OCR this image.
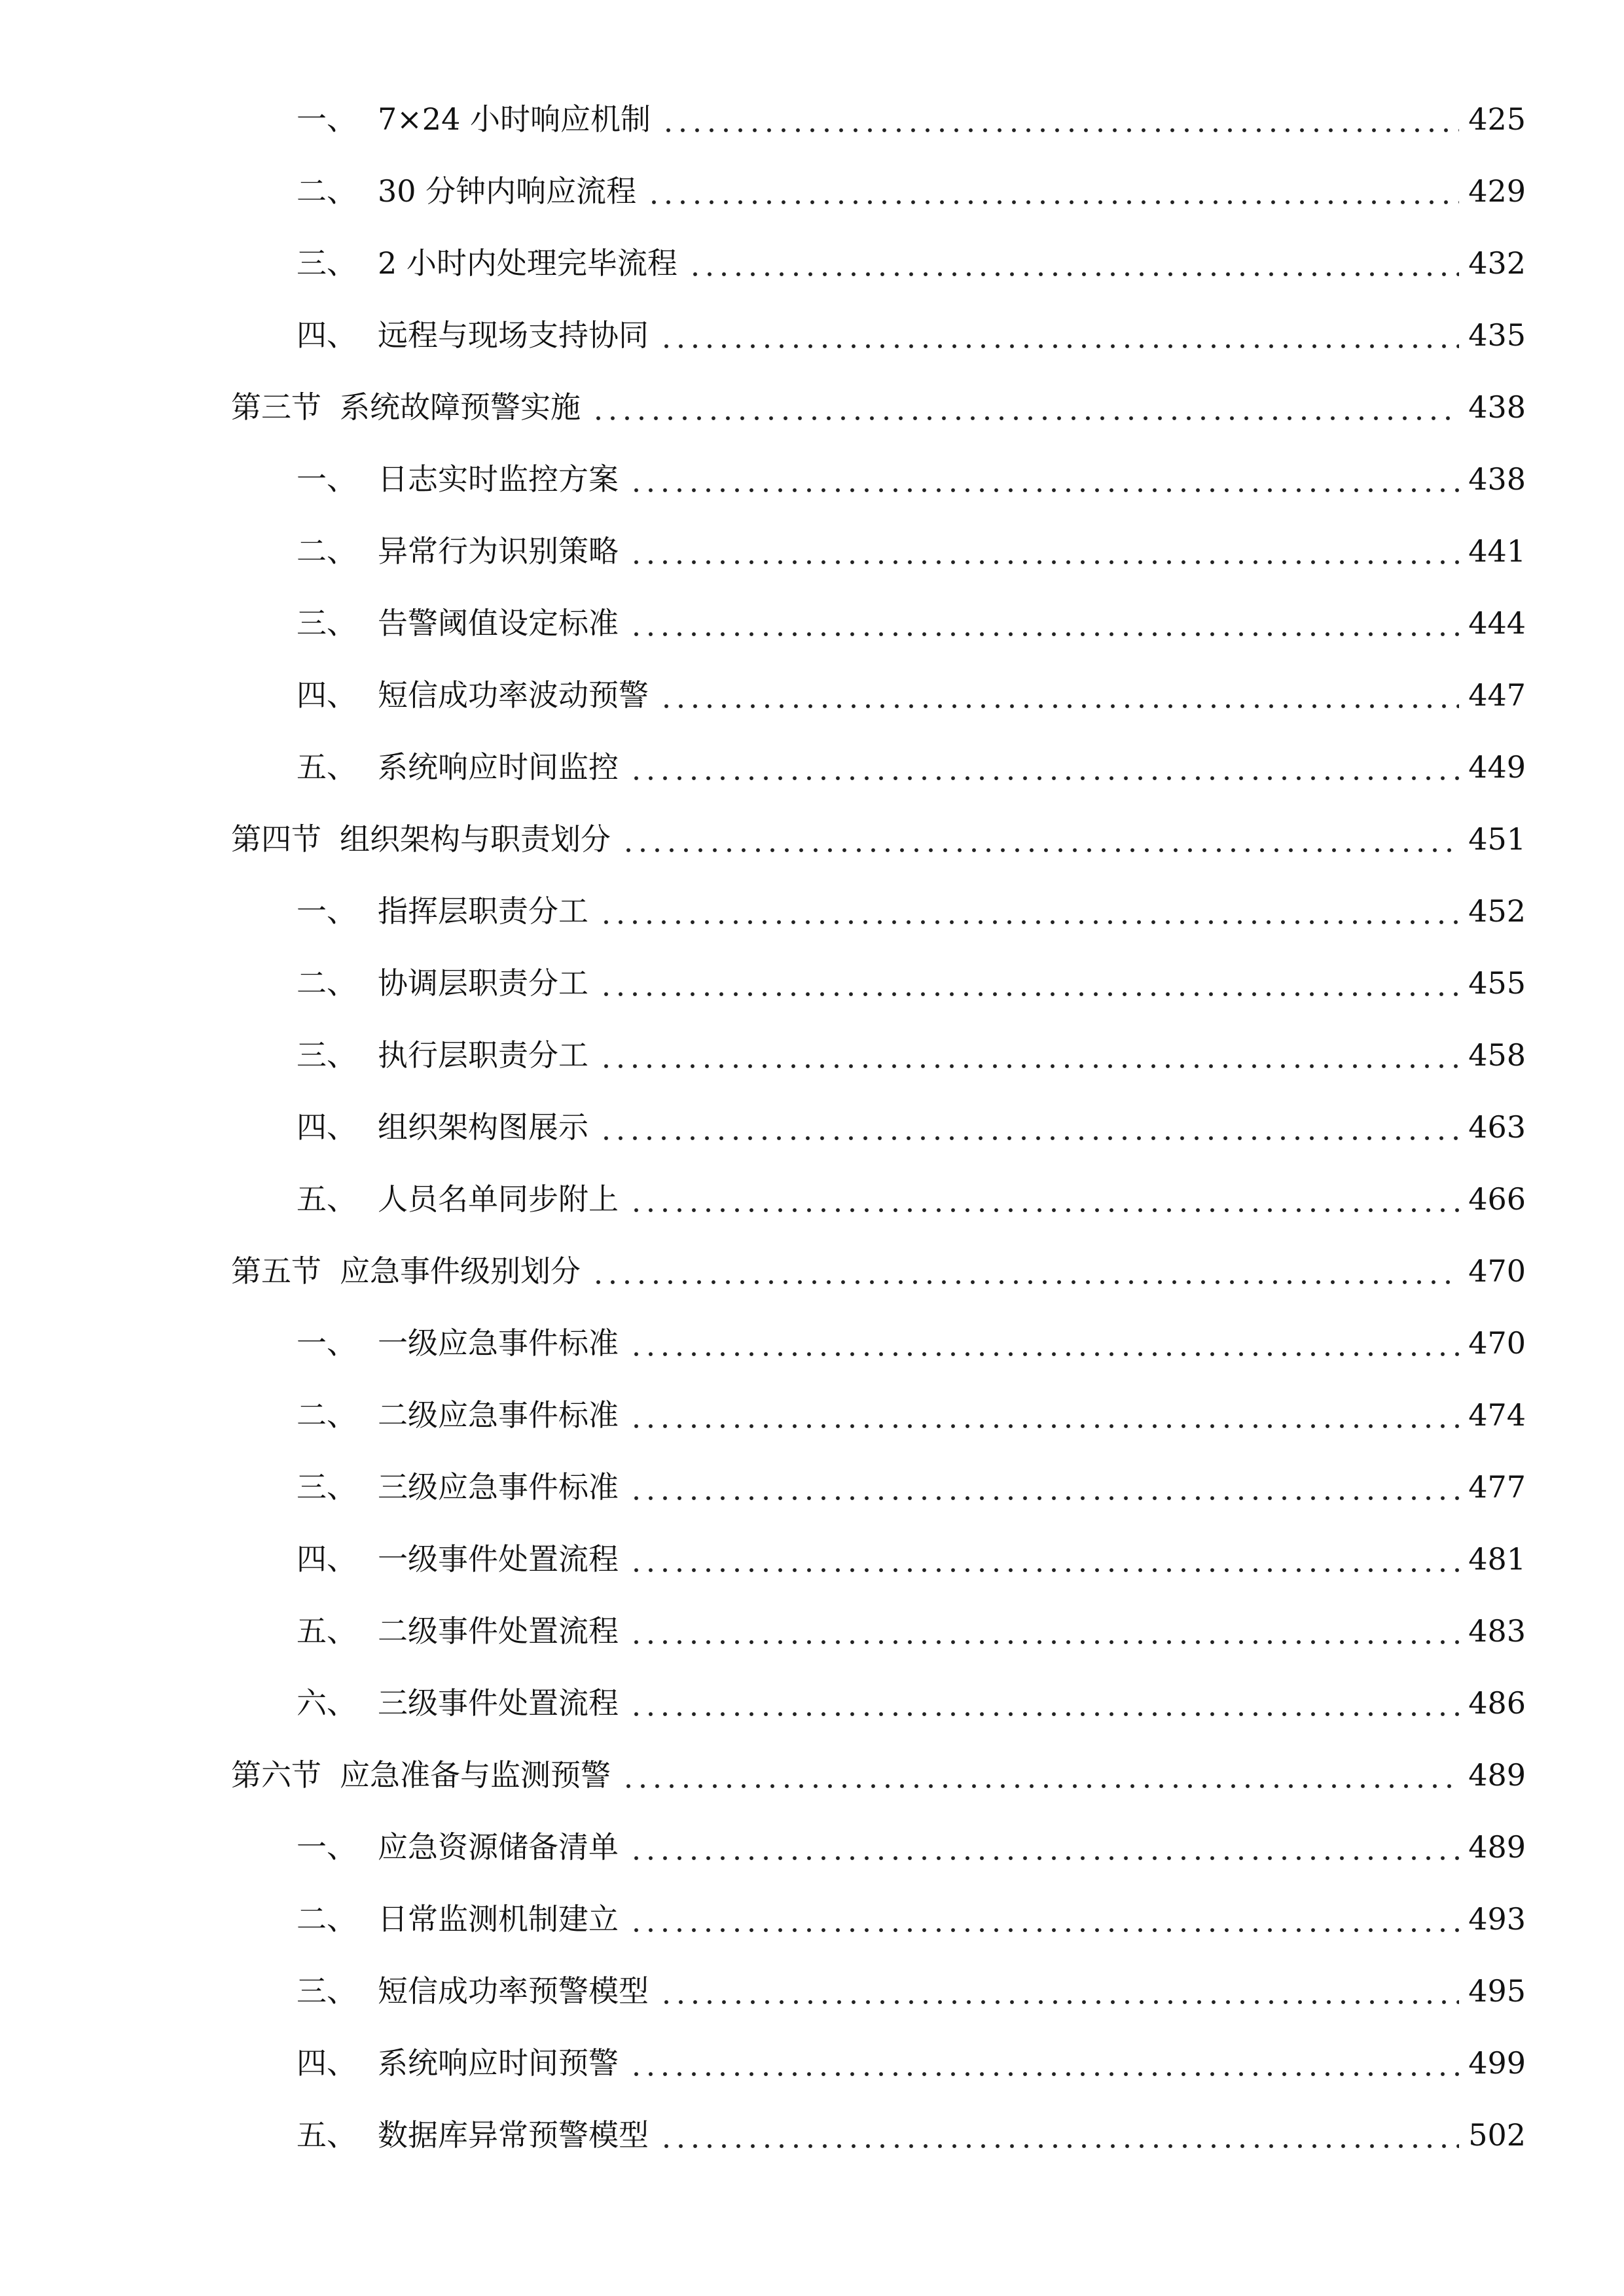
一、 7×24 小时响应机制	425
二、 30 分钟内响应流程	429
三、 2 小时内处理完毕流程	432
四、 远程与现场支持协同	435
第三节 系统故障预警实施	438
一、 日志实时监控方案	438
二、 异常行为识别策略	441
三、 告警阈值设定标准	444
四、 短信成功率波动预警	447
五、 系统响应时间监控	449
第四节 组织架构与职责划分	451
一、 指挥层职责分工	452
二、 协调层职责分工	455
三、 执行层职责分工	458
四、 组织架构图展示	463
五、 人员名单同步附上	466
第五节 应急事件级别划分	470
一、 一级应急事件标准	470
二、 二级应急事件标准	474
三、 三级应急事件标准	477
四、 一级事件处置流程	481
五、 二级事件处置流程	483
六、 三级事件处置流程	486
第六节 应急准备与监测预警	489
一、 应急资源储备清单	489
二、 日常监测机制建立	493
三、 短信成功率预警模型	495
四、 系统响应时间预警	499
五、 数据库异常预警模型	502
